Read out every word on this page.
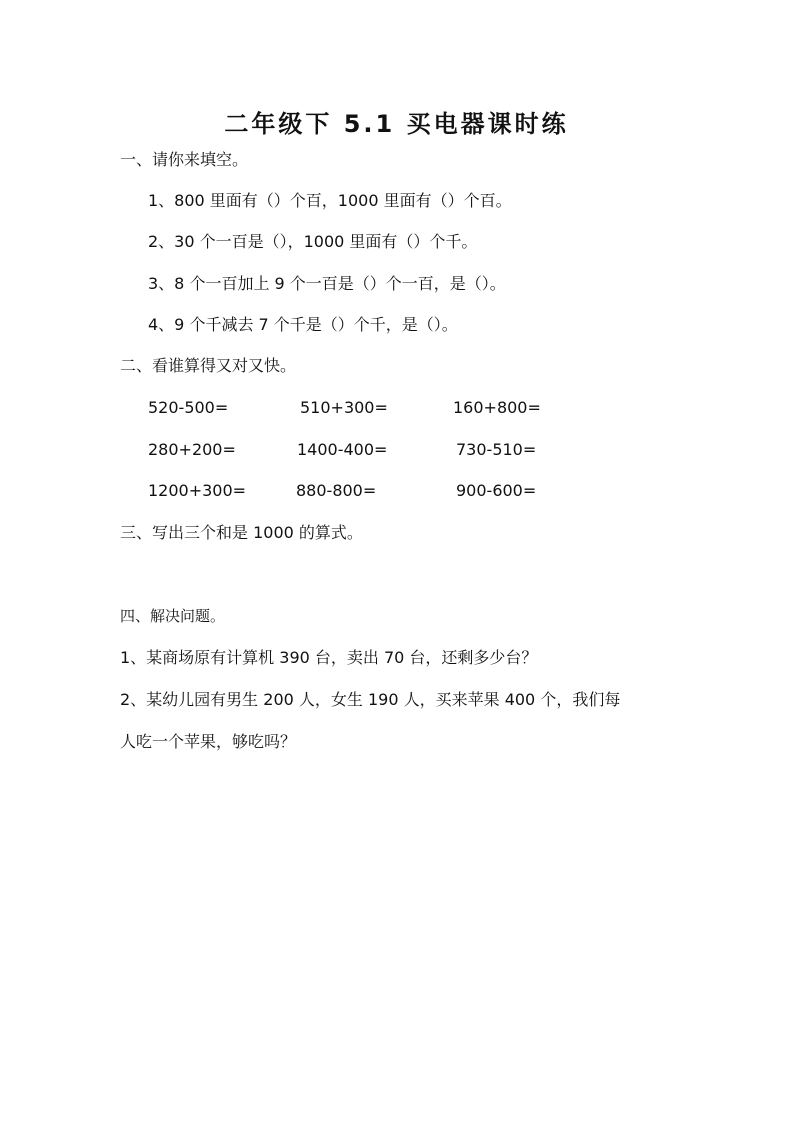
二年级下 5.1 买电器课时练
一、请你来填空。
1、800 里面有（）个百，1000 里面有（）个百。
2、30 个一百是（），1000 里面有（）个千。
3、8 个一百加上 9 个一百是（）个一百，是（）。
4、9 个千减去 7 个千是（）个千，是（）。
二、看谁算得又对又快。
520-500=	510+300=	160+800=
280+200=	1400-400=	730-510=
1200+300=	880-800=	900-600=
三、写出三个和是 1000 的算式。
四、解决问题。
1、某商场原有计算机 390 台，卖出 70 台，还剩多少台？
2、某幼儿园有男生 200 人，女生 190 人，买来苹果 400 个，我们每
人吃一个苹果，够吃吗？
